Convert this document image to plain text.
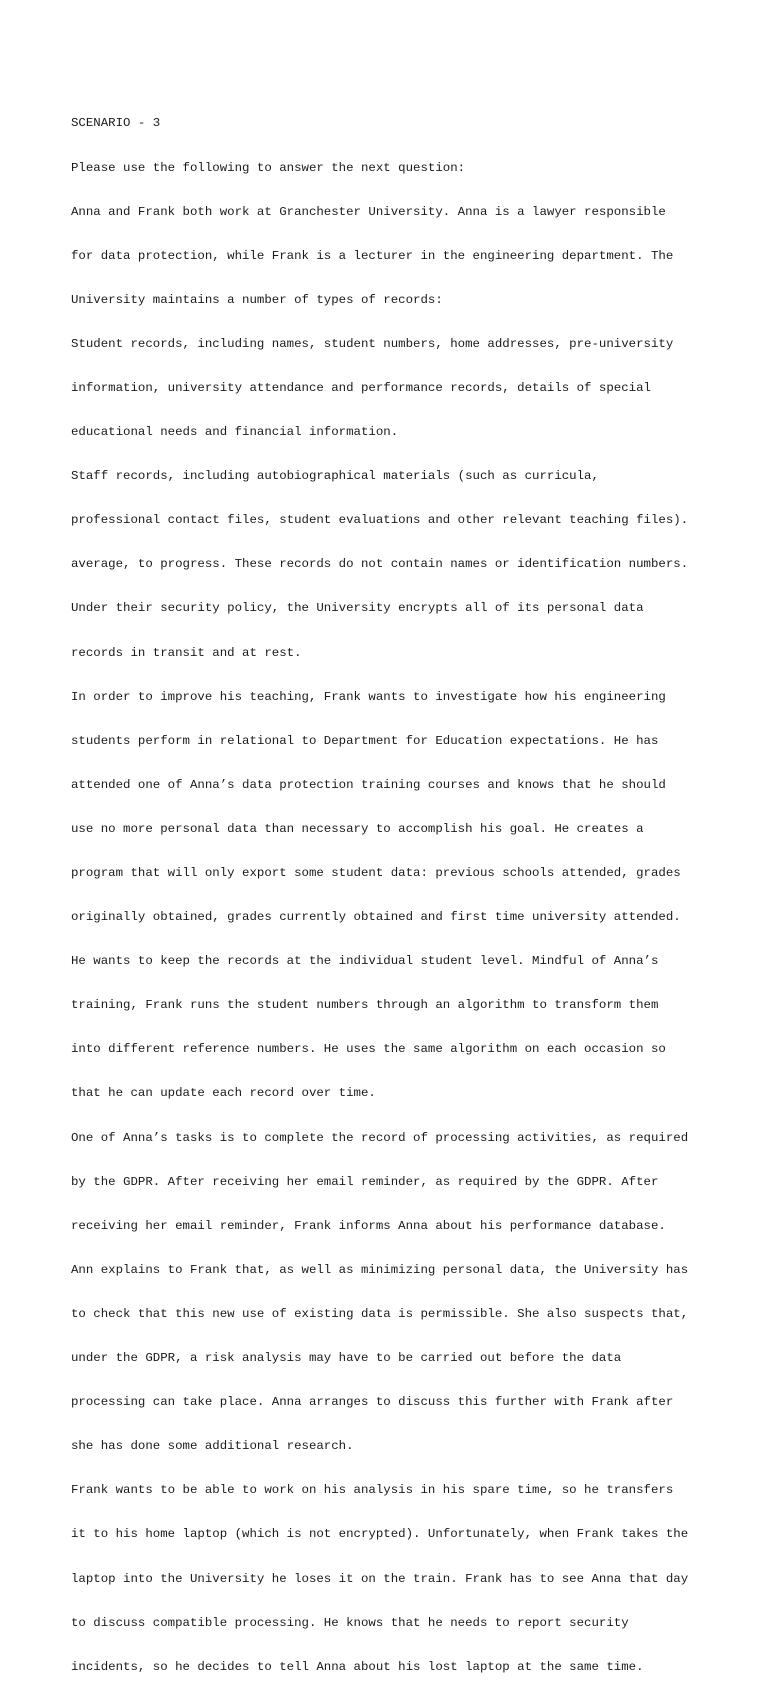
SCENARIO - 3

Please use the following to answer the next question:

Anna and Frank both work at Granchester University. Anna is a lawyer responsible

for data protection, while Frank is a lecturer in the engineering department. The

University maintains a number of types of records:

Student records, including names, student numbers, home addresses, pre-university

information, university attendance and performance records, details of special

educational needs and financial information.

Staff records, including autobiographical materials (such as curricula,

professional contact files, student evaluations and other relevant teaching files).

average, to progress. These records do not contain names or identification numbers.

Under their security policy, the University encrypts all of its personal data

records in transit and at rest.

In order to improve his teaching, Frank wants to investigate how his engineering

students perform in relational to Department for Education expectations. He has

attended one of Anna’s data protection training courses and knows that he should

use no more personal data than necessary to accomplish his goal. He creates a

program that will only export some student data: previous schools attended, grades

originally obtained, grades currently obtained and first time university attended.

He wants to keep the records at the individual student level. Mindful of Anna’s

training, Frank runs the student numbers through an algorithm to transform them

into different reference numbers. He uses the same algorithm on each occasion so

that he can update each record over time.

One of Anna’s tasks is to complete the record of processing activities, as required

by the GDPR. After receiving her email reminder, as required by the GDPR. After

receiving her email reminder, Frank informs Anna about his performance database.

Ann explains to Frank that, as well as minimizing personal data, the University has

to check that this new use of existing data is permissible. She also suspects that,

under the GDPR, a risk analysis may have to be carried out before the data

processing can take place. Anna arranges to discuss this further with Frank after

she has done some additional research.

Frank wants to be able to work on his analysis in his spare time, so he transfers

it to his home laptop (which is not encrypted). Unfortunately, when Frank takes the

laptop into the University he loses it on the train. Frank has to see Anna that day

to discuss compatible processing. He knows that he needs to report security

incidents, so he decides to tell Anna about his lost laptop at the same time.
